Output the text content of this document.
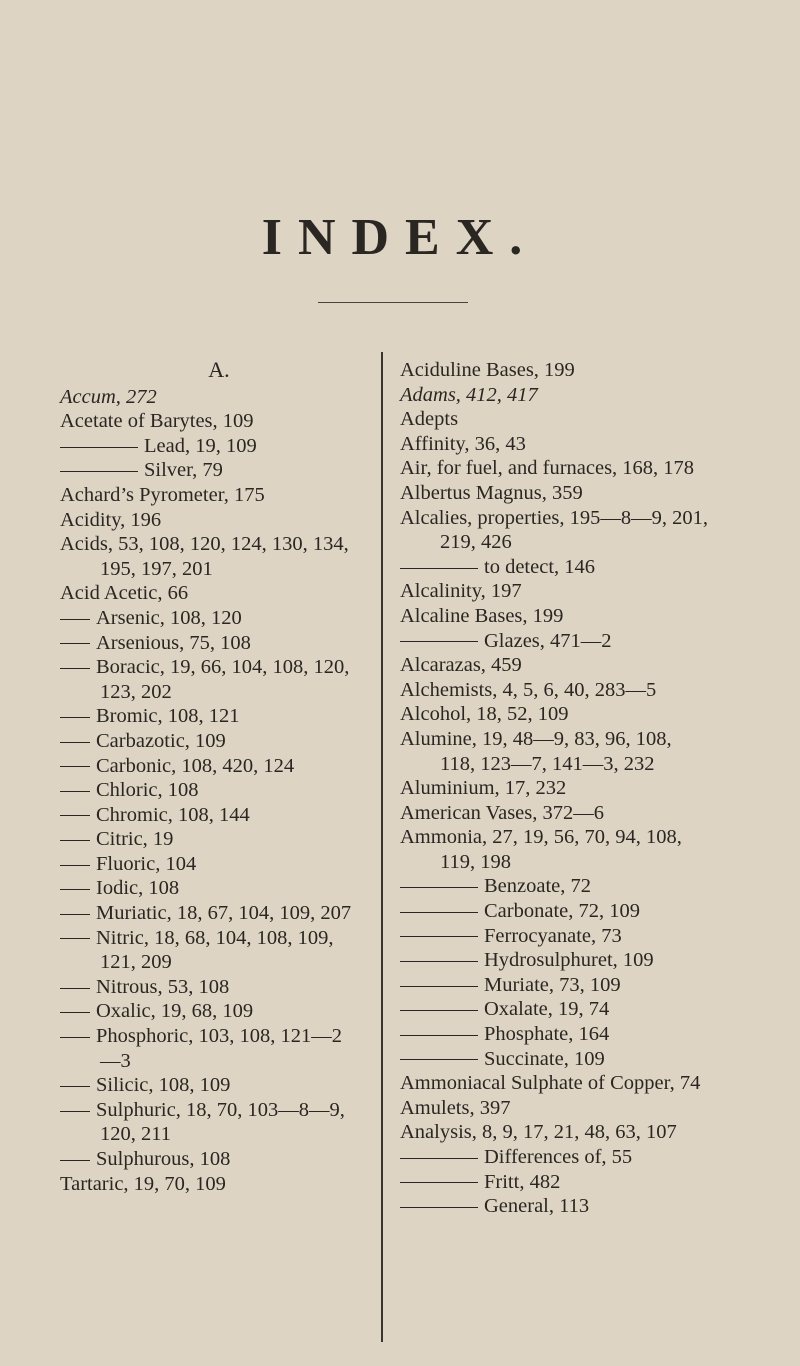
INDEX.
A.
Accum, 272
Acetate of Barytes, 109
Lead, 19, 109
Silver, 79
Achard’s Pyrometer, 175
Acidity, 196
Acids, 53, 108, 120, 124, 130, 134,
195, 197, 201
Acid Acetic, 66
Arsenic, 108, 120
Arsenious, 75, 108
Boracic, 19, 66, 104, 108, 120,
123, 202
Bromic, 108, 121
Carbazotic, 109
Carbonic, 108, 420, 124
Chloric, 108
Chromic, 108, 144
Citric, 19
Fluoric, 104
Iodic, 108
Muriatic, 18, 67, 104, 109, 207
Nitric, 18, 68, 104, 108, 109,
121, 209
Nitrous, 53, 108
Oxalic, 19, 68, 109
Phosphoric, 103, 108, 121—2
—3
Silicic, 108, 109
Sulphuric, 18, 70, 103—8—9,
120, 211
Sulphurous, 108
Tartaric, 19, 70, 109
Aciduline Bases, 199
Adams, 412, 417
Adepts
Affinity, 36, 43
Air, for fuel, and furnaces, 168, 178
Albertus Magnus, 359
Alcalies, properties, 195—8—9, 201,
219, 426
to detect, 146
Alcalinity, 197
Alcaline Bases, 199
Glazes, 471—2
Alcarazas, 459
Alchemists, 4, 5, 6, 40, 283—5
Alcohol, 18, 52, 109
Alumine, 19, 48—9, 83, 96, 108,
118, 123—7, 141—3, 232
Aluminium, 17, 232
American Vases, 372—6
Ammonia, 27, 19, 56, 70, 94, 108,
119, 198
Benzoate, 72
Carbonate, 72, 109
Ferrocyanate, 73
Hydrosulphuret, 109
Muriate, 73, 109
Oxalate, 19, 74
Phosphate, 164
Succinate, 109
Ammoniacal Sulphate of Copper, 74
Amulets, 397
Analysis, 8, 9, 17, 21, 48, 63, 107
Differences of, 55
Fritt, 482
General, 113
